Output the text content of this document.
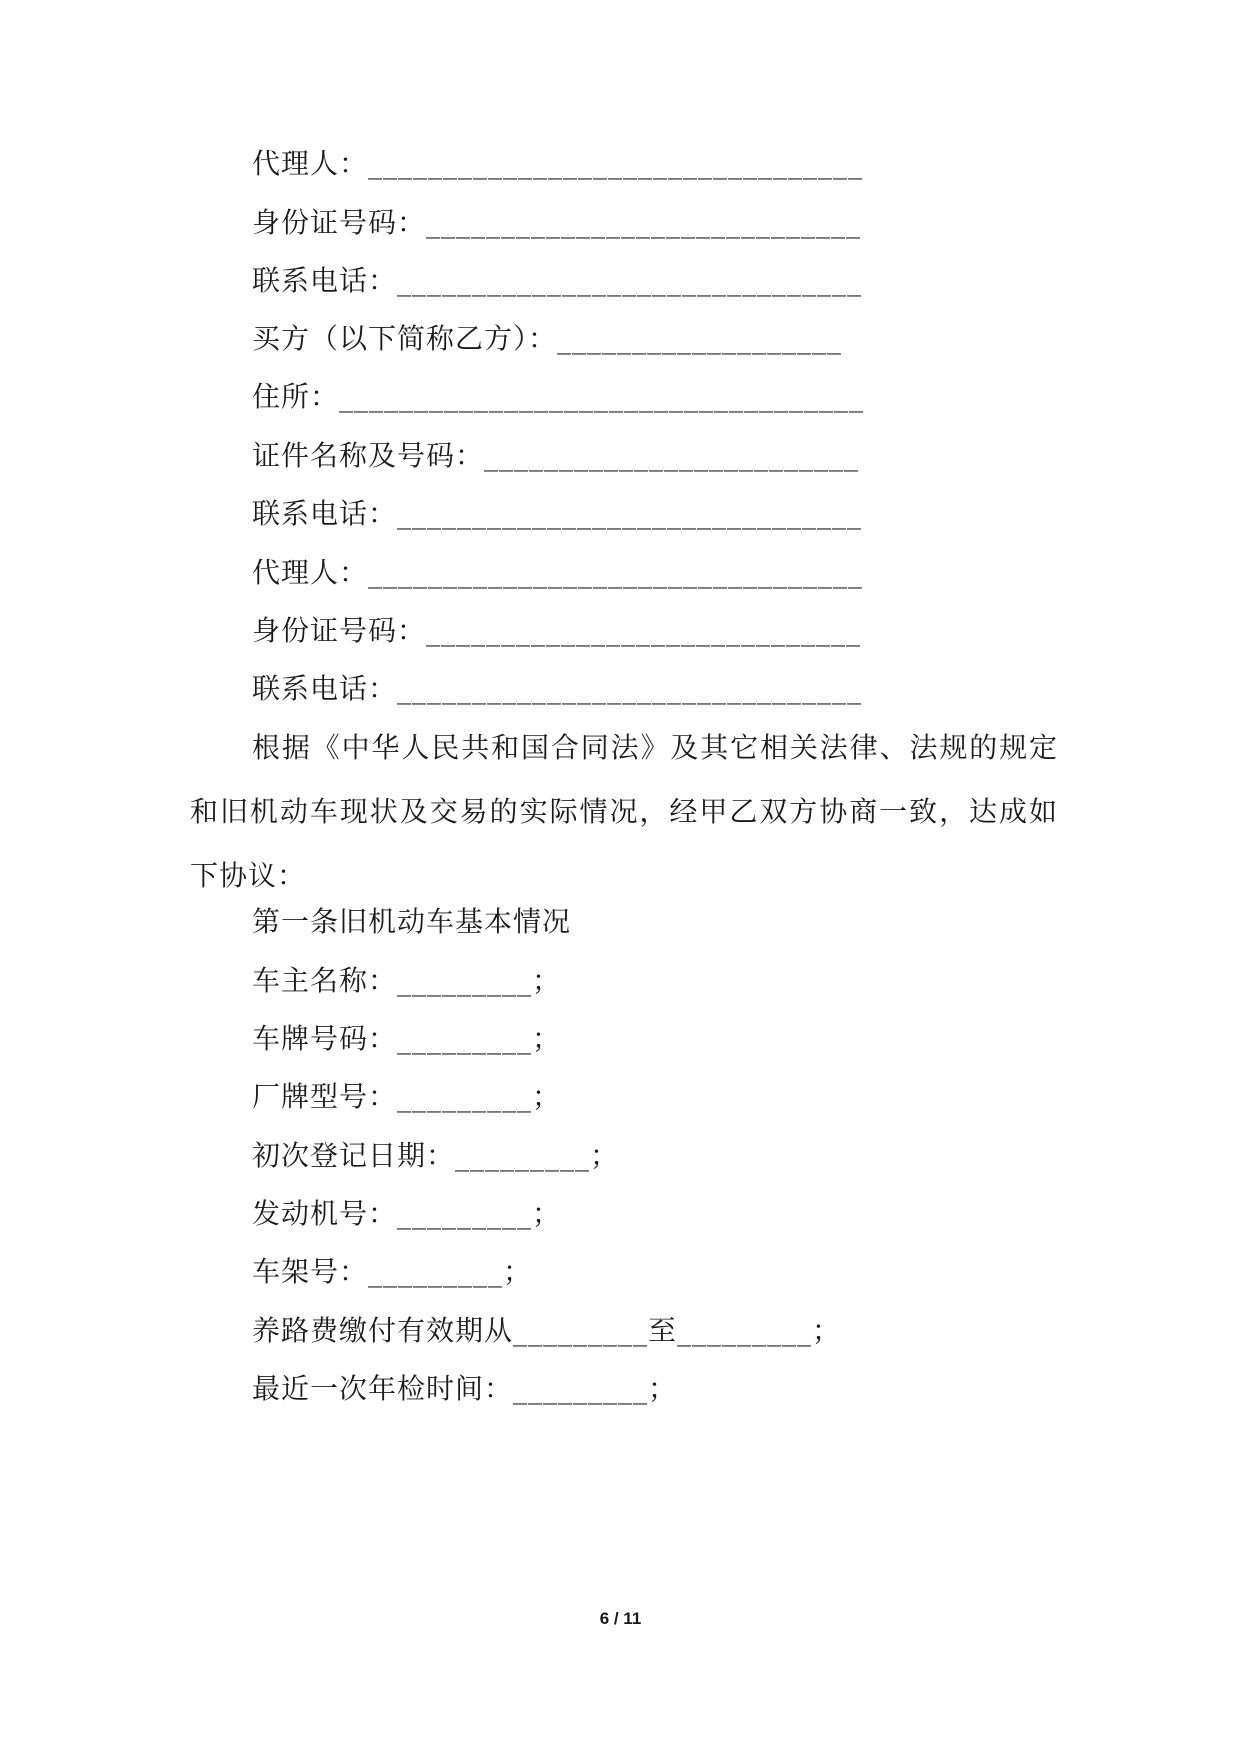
代理人：_________________________________
身份证号码：_____________________________
联系电话：_______________________________
买方（以下简称乙方）：___________________
住所：___________________________________
证件名称及号码：_________________________
联系电话：_______________________________
代理人：_________________________________
身份证号码：_____________________________
联系电话：_______________________________
根据《中华人民共和国合同法》及其它相关法律、法规的规定和旧机动车现状及交易的实际情况，经甲乙双方协商一致，达成如下协议：
第一条旧机动车基本情况
车主名称：_________；
车牌号码：_________；
厂牌型号：_________；
初次登记日期：_________；
发动机号：_________；
车架号：_________；
养路费缴付有效期从_________至_________；
最近一次年检时间：_________；
6 / 11
